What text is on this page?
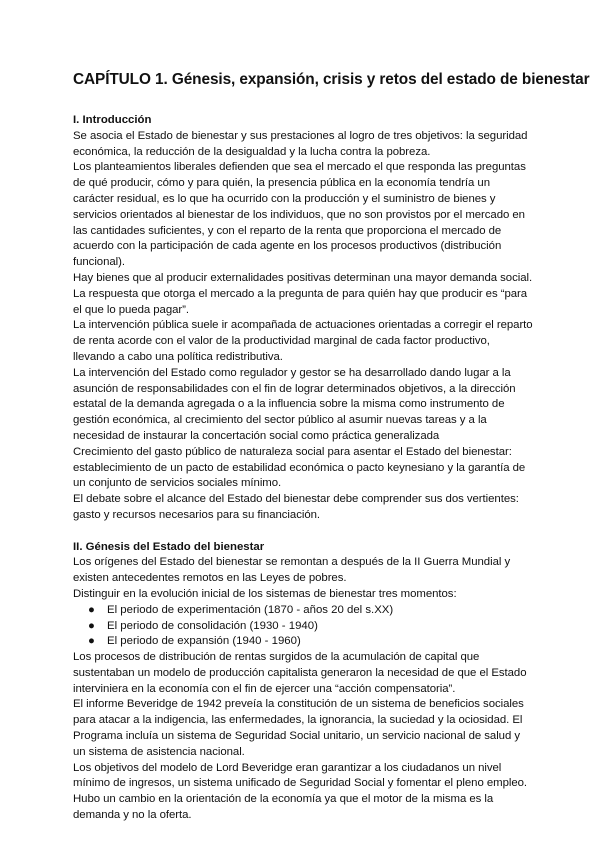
CAPÍTULO 1. Génesis, expansión, crisis y retos del estado de bienestar
I. Introducción

Se asocia el Estado de bienestar y sus prestaciones al logro de tres objetivos: la seguridad económica, la reducción de la desigualdad y la lucha contra la pobreza.

Los planteamientos liberales defienden que sea el mercado el que responda las preguntas de qué producir, cómo y para quién, la presencia pública en la economía tendría un carácter residual, es lo que ha ocurrido con la producción y el suministro de bienes y servicios orientados al bienestar de los individuos, que no son provistos por el mercado en las cantidades suficientes, y con el reparto de la renta que proporciona el mercado de acuerdo con la participación de cada agente en los procesos productivos (distribución funcional).

Hay bienes que al producir externalidades positivas determinan una mayor demanda social.

La respuesta que otorga el mercado a la pregunta de para quién hay que producir es “para el que lo pueda pagar”.

La intervención pública suele ir acompañada de actuaciones orientadas a corregir el reparto de renta acorde con el valor de la productividad marginal de cada factor productivo, llevando a cabo una política redistributiva.

La intervención del Estado como regulador y gestor se ha desarrollado dando lugar a la asunción de responsabilidades con el fin de lograr determinados objetivos, a la dirección estatal de la demanda agregada o a la influencia sobre la misma como instrumento de gestión económica, al crecimiento del sector público al asumir nuevas tareas y a la necesidad de instaurar la concertación social como práctica generalizada

Crecimiento del gasto público de naturaleza social para asentar el Estado del bienestar: establecimiento de un pacto de estabilidad económica o pacto keynesiano y la garantía de un conjunto de servicios sociales mínimo.

El debate sobre el alcance del Estado del bienestar debe comprender sus dos vertientes: gasto y recursos necesarios para su financiación.

II. Génesis del Estado del bienestar

Los orígenes del Estado del bienestar se remontan a después de la II Guerra Mundial y existen antecedentes remotos en las Leyes de pobres.

Distinguir en la evolución inicial de los sistemas de bienestar tres momentos:

● El periodo de experimentación (1870 - años 20 del s.XX)
● El periodo de consolidación (1930 - 1940)
● El periodo de expansión (1940 - 1960)

Los procesos de distribución de rentas surgidos de la acumulación de capital que sustentaban un modelo de producción capitalista generaron la necesidad de que el Estado interviniera en la economía con el fin de ejercer una “acción compensatoria”.

El informe Beveridge de 1942 preveía la constitución de un sistema de beneficios sociales para atacar a la indigencia, las enfermedades, la ignorancia, la suciedad y la ociosidad. El Programa incluía un sistema de Seguridad Social unitario, un servicio nacional de salud y un sistema de asistencia nacional.

Los objetivos del modelo de Lord Beveridge eran garantizar a los ciudadanos un nivel mínimo de ingresos, un sistema unificado de Seguridad Social y fomentar el pleno empleo.

Hubo un cambio en la orientación de la economía ya que el motor de la misma es la demanda y no la oferta.
